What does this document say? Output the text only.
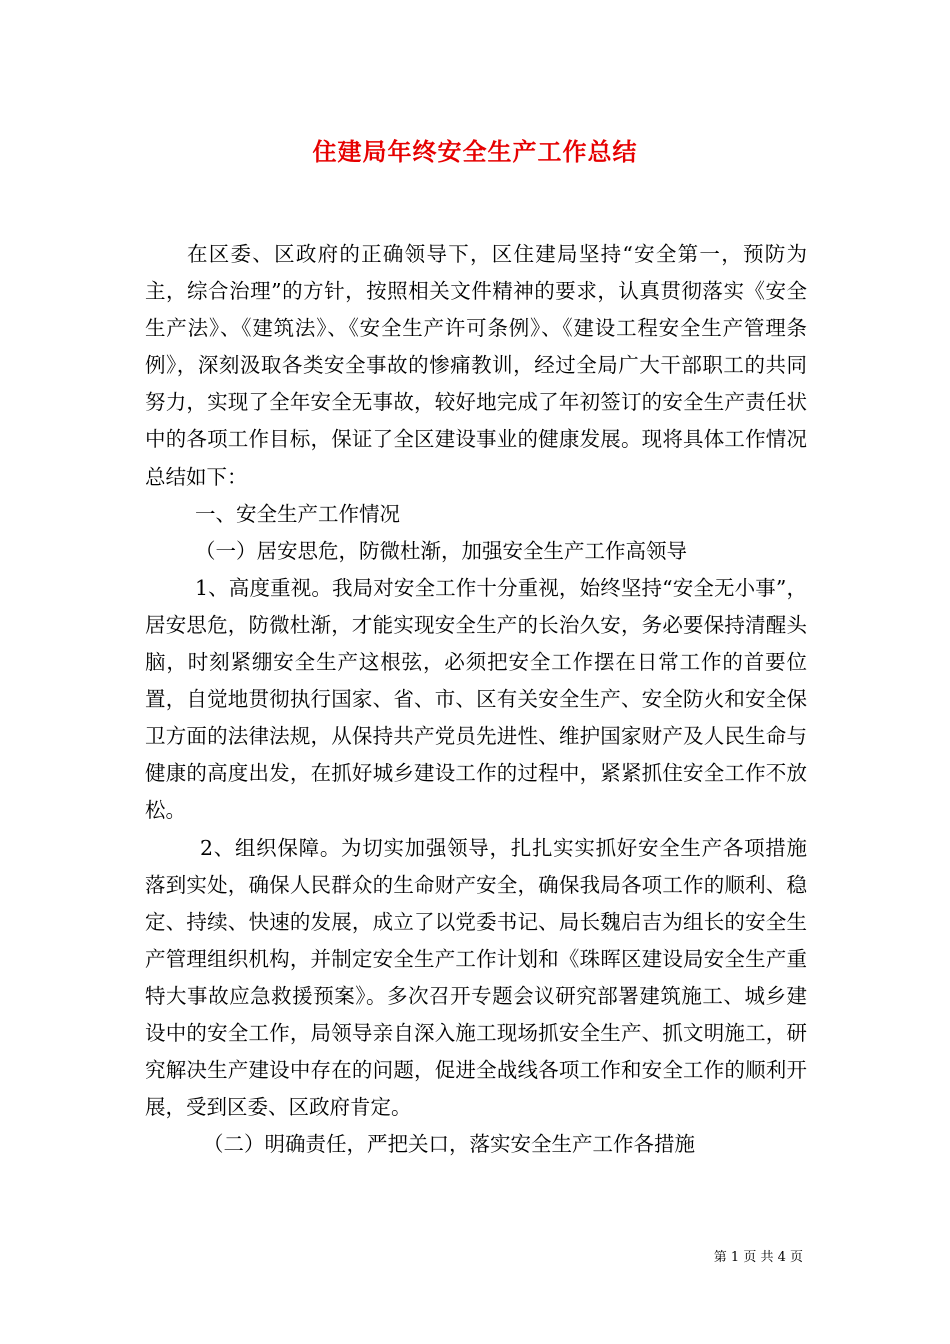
住建局年终安全生产工作总结

在区委、区政府的正确领导下，区住建局坚持“安全第一，预防为主，综合治理”的方针，按照相关文件精神的要求，认真贯彻落实《安全生产法》、《建筑法》、《安全生产许可条例》、《建设工程安全生产管理条例》，深刻汲取各类安全事故的惨痛教训，经过全局广大干部职工的共同努力，实现了全年安全无事故，较好地完成了年初签订的安全生产责任状中的各项工作目标，保证了全区建设事业的健康发展。现将具体工作情况总结如下：

一、安全生产工作情况

（一）居安思危，防微杜渐，加强安全生产工作高领导

1、高度重视。我局对安全工作十分重视，始终坚持“安全无小事”，居安思危，防微杜渐，才能实现安全生产的长治久安，务必要保持清醒头脑，时刻紧绷安全生产这根弦，必须把安全工作摆在日常工作的首要位置，自觉地贯彻执行国家、省、市、区有关安全生产、安全防火和安全保卫方面的法律法规，从保持共产党员先进性、维护国家财产及人民生命与健康的高度出发，在抓好城乡建设工作的过程中，紧紧抓住安全工作不放松。

2、组织保障。为切实加强领导，扎扎实实抓好安全生产各项措施落到实处，确保人民群众的生命财产安全，确保我局各项工作的顺利、稳定、持续、快速的发展，成立了以党委书记、局长魏启吉为组长的安全生产管理组织机构，并制定安全生产工作计划和《珠晖区建设局安全生产重特大事故应急救援预案》。多次召开专题会议研究部署建筑施工、城乡建设中的安全工作，局领导亲自深入施工现场抓安全生产、抓文明施工，研究解决生产建设中存在的问题，促进全战线各项工作和安全工作的顺利开展，受到区委、区政府肯定。

（二）明确责任，严把关口，落实安全生产工作各措施

第 1 页 共 4 页
